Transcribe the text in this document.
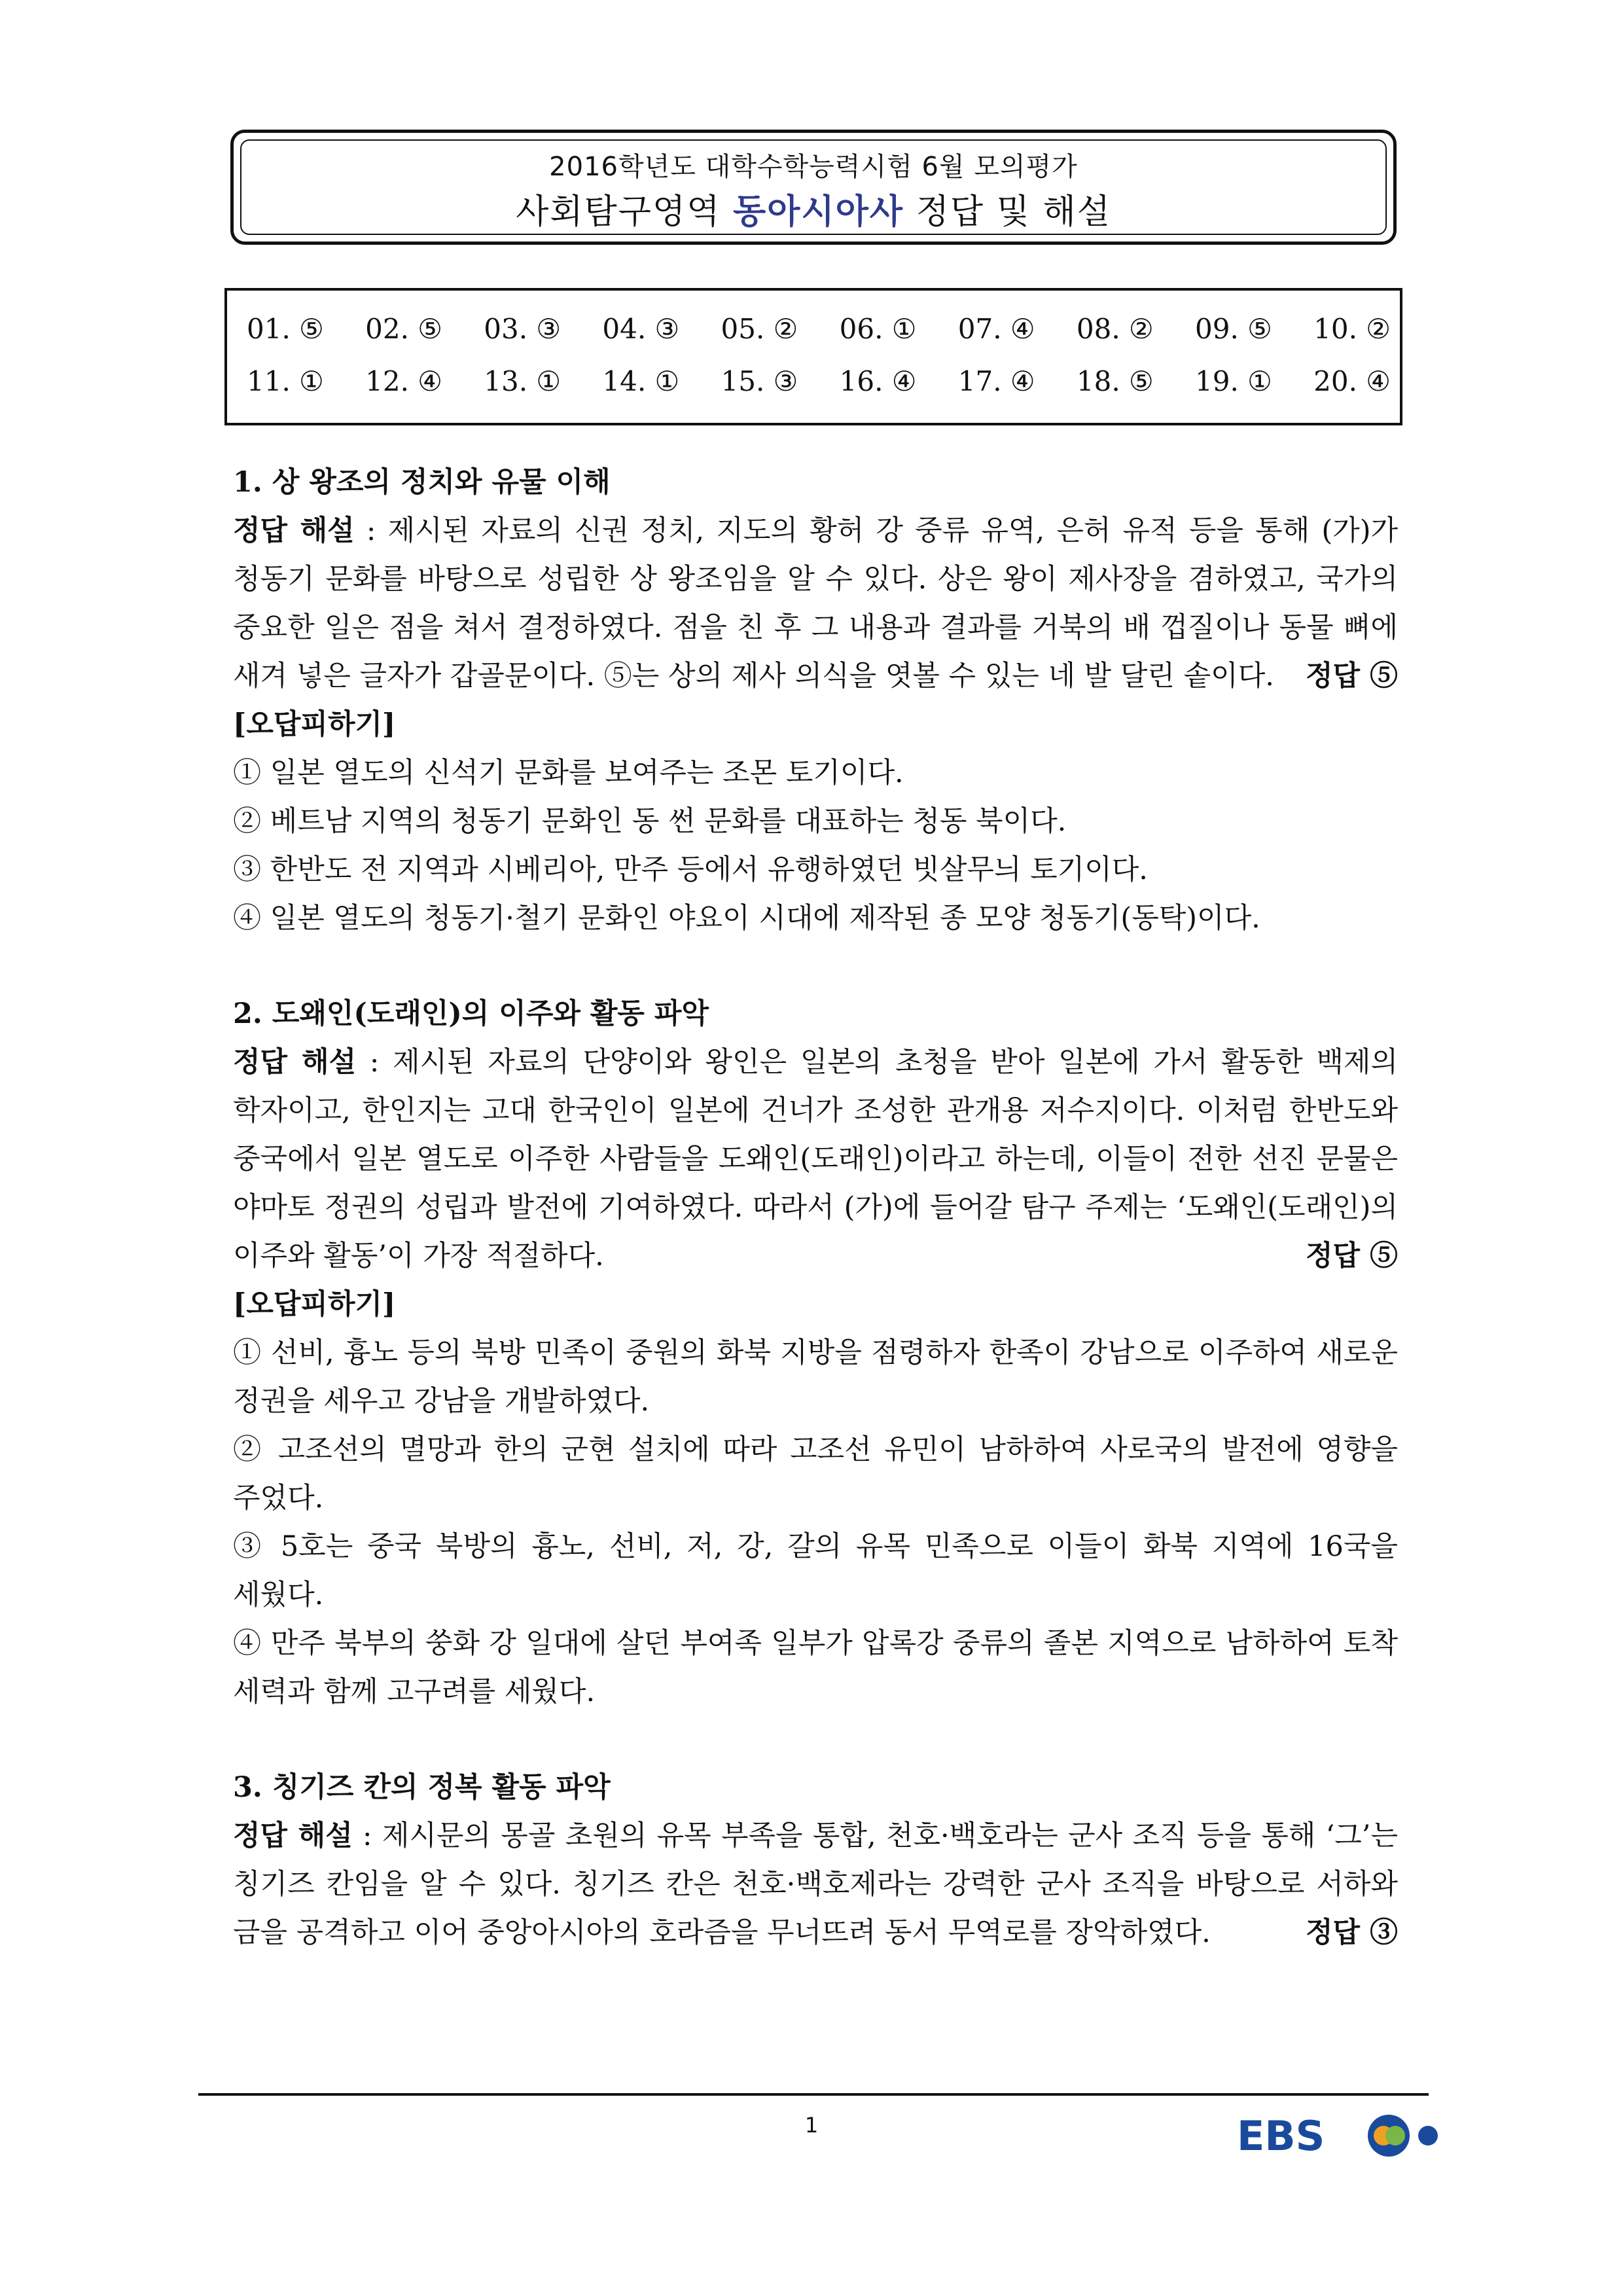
2016학년도 대학수학능력시험 6월 모의평가
사회탐구영역 동아시아사 정답 및 해설
01. ⑤ 02. ⑤ 03. ③ 04. ③ 05. ② 06. ① 07. ④ 08. ② 09. ⑤ 10. ②
11. ① 12. ④ 13. ① 14. ① 15. ③ 16. ④ 17. ④ 18. ⑤ 19. ① 20. ④
1. 상 왕조의 정치와 유물 이해
정답 해설 : 제시된 자료의 신권 정치, 지도의 황허 강 중류 유역, 은허 유적 등을 통해 (가)가 청동기 문화를 바탕으로 성립한 상 왕조임을 알 수 있다. 상은 왕이 제사장을 겸하였고, 국가의 중요한 일은 점을 쳐서 결정하였다. 점을 친 후 그 내용과 결과를 거북의 배 껍질이나 동물 뼈에 새겨 넣은 글자가 갑골문이다. ⑤는 상의 제사 의식을 엿볼 수 있는 네 발 달린 솥이다. 정답 ⑤
[오답피하기]
① 일본 열도의 신석기 문화를 보여주는 조몬 토기이다.
② 베트남 지역의 청동기 문화인 동 썬 문화를 대표하는 청동 북이다.
③ 한반도 전 지역과 시베리아, 만주 등에서 유행하였던 빗살무늬 토기이다.
④ 일본 열도의 청동기·철기 문화인 야요이 시대에 제작된 종 모양 청동기(동탁)이다.
2. 도왜인(도래인)의 이주와 활동 파악
정답 해설 : 제시된 자료의 단양이와 왕인은 일본의 초청을 받아 일본에 가서 활동한 백제의 학자이고, 한인지는 고대 한국인이 일본에 건너가 조성한 관개용 저수지이다. 이처럼 한반도와 중국에서 일본 열도로 이주한 사람들을 도왜인(도래인)이라고 하는데, 이들이 전한 선진 문물은 야마토 정권의 성립과 발전에 기여하였다. 따라서 (가)에 들어갈 탐구 주제는 ‘도왜인(도래인)의 이주와 활동’이 가장 적절하다.	정답 ⑤
[오답피하기]
① 선비, 흉노 등의 북방 민족이 중원의 화북 지방을 점령하자 한족이 강남으로 이주하여 새로운 정권을 세우고 강남을 개발하였다.
② 고조선의 멸망과 한의 군현 설치에 따라 고조선 유민이 남하하여 사로국의 발전에 영향을 주었다.
③ 5호는 중국 북방의 흉노, 선비, 저, 강, 갈의 유목 민족으로 이들이 화북 지역에 16국을 세웠다.
④ 만주 북부의 쑹화 강 일대에 살던 부여족 일부가 압록강 중류의 졸본 지역으로 남하하여 토착 세력과 함께 고구려를 세웠다.
3. 칭기즈 칸의 정복 활동 파악
정답 해설 : 제시문의 몽골 초원의 유목 부족을 통합, 천호·백호라는 군사 조직 등을 통해 ‘그’는 칭기즈 칸임을 알 수 있다. 칭기즈 칸은 천호·백호제라는 강력한 군사 조직을 바탕으로 서하와 금을 공격하고 이어 중앙아시아의 호라즘을 무너뜨려 동서 무역로를 장악하였다.	정답 ③
1	EBS
